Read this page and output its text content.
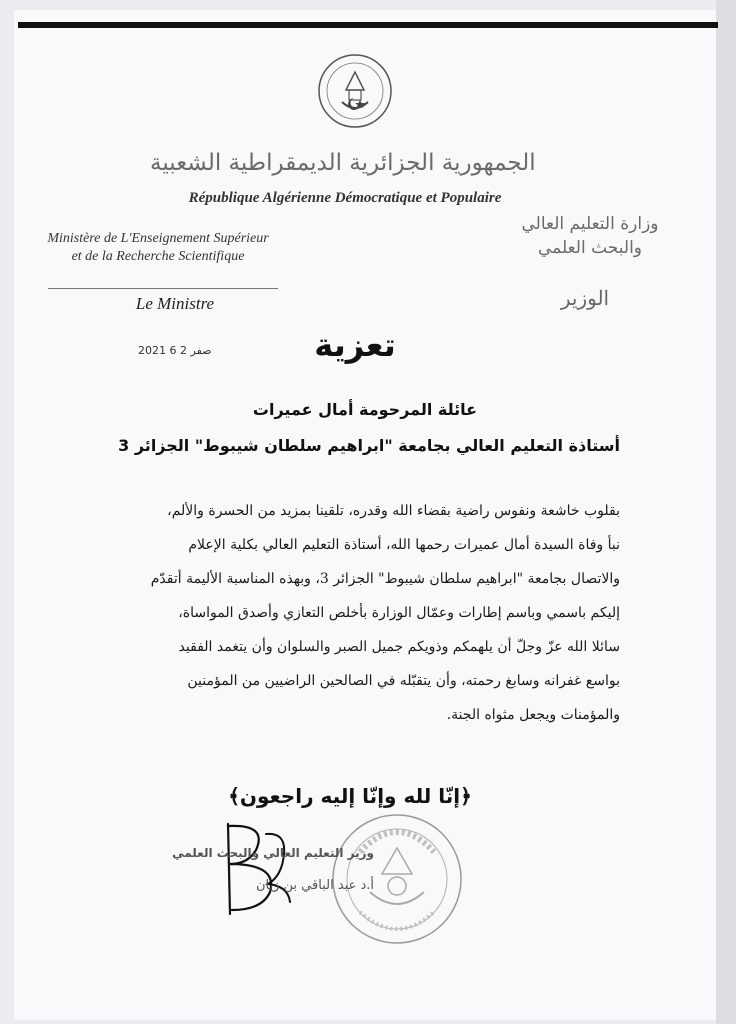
الجمهورية الجزائرية الديمقراطية الشعبية
République Algérienne Démocratique et Populaire
Ministère de L'Enseignement Supérieur
et de la Recherche Scientifique
وزارة التعليم العالي
والبحث العلمي
Le Ministre	الوزير
2021 ﺻﻔﺮ 2 6	تعزية
عائلة المرحومة أمال عميرات
أستاذة التعليم العالي بجامعة "ابراهيم سلطان شيبوط" الجزائر 3
بقلوب خاشعة ونفوس راضية بقضاء الله وقدره، تلقينا بمزيد من الحسرة والألم،
نبأ وفاة السيدة أمال عميرات رحمها الله، أستاذة التعليم العالي بكلية الإعلام
والاتصال بجامعة "ابراهيم سلطان شيبوط" الجزائر 3، وبهذه المناسبة الأليمة أتقدّم
إليكم باسمي وباسم إطارات وعمّال الوزارة بأخلص التعازي وأصدق المواساة،
سائلا الله عزّ وجلّ أن يلهمكم وذويكم جميل الصبر والسلوان وأن يتغمد الفقيد
بواسع غفرانه وسابغ رحمته، وأن يتقبّله في الصالحين الراضيين من المؤمنين
والمؤمنات ويجعل مثواه الجنة.
﴿إنّا لله وإنّا إليه راجعون﴾
وزير التعليم العالي والبحث العلمي
أ.د عبد الباقي بن زيان
